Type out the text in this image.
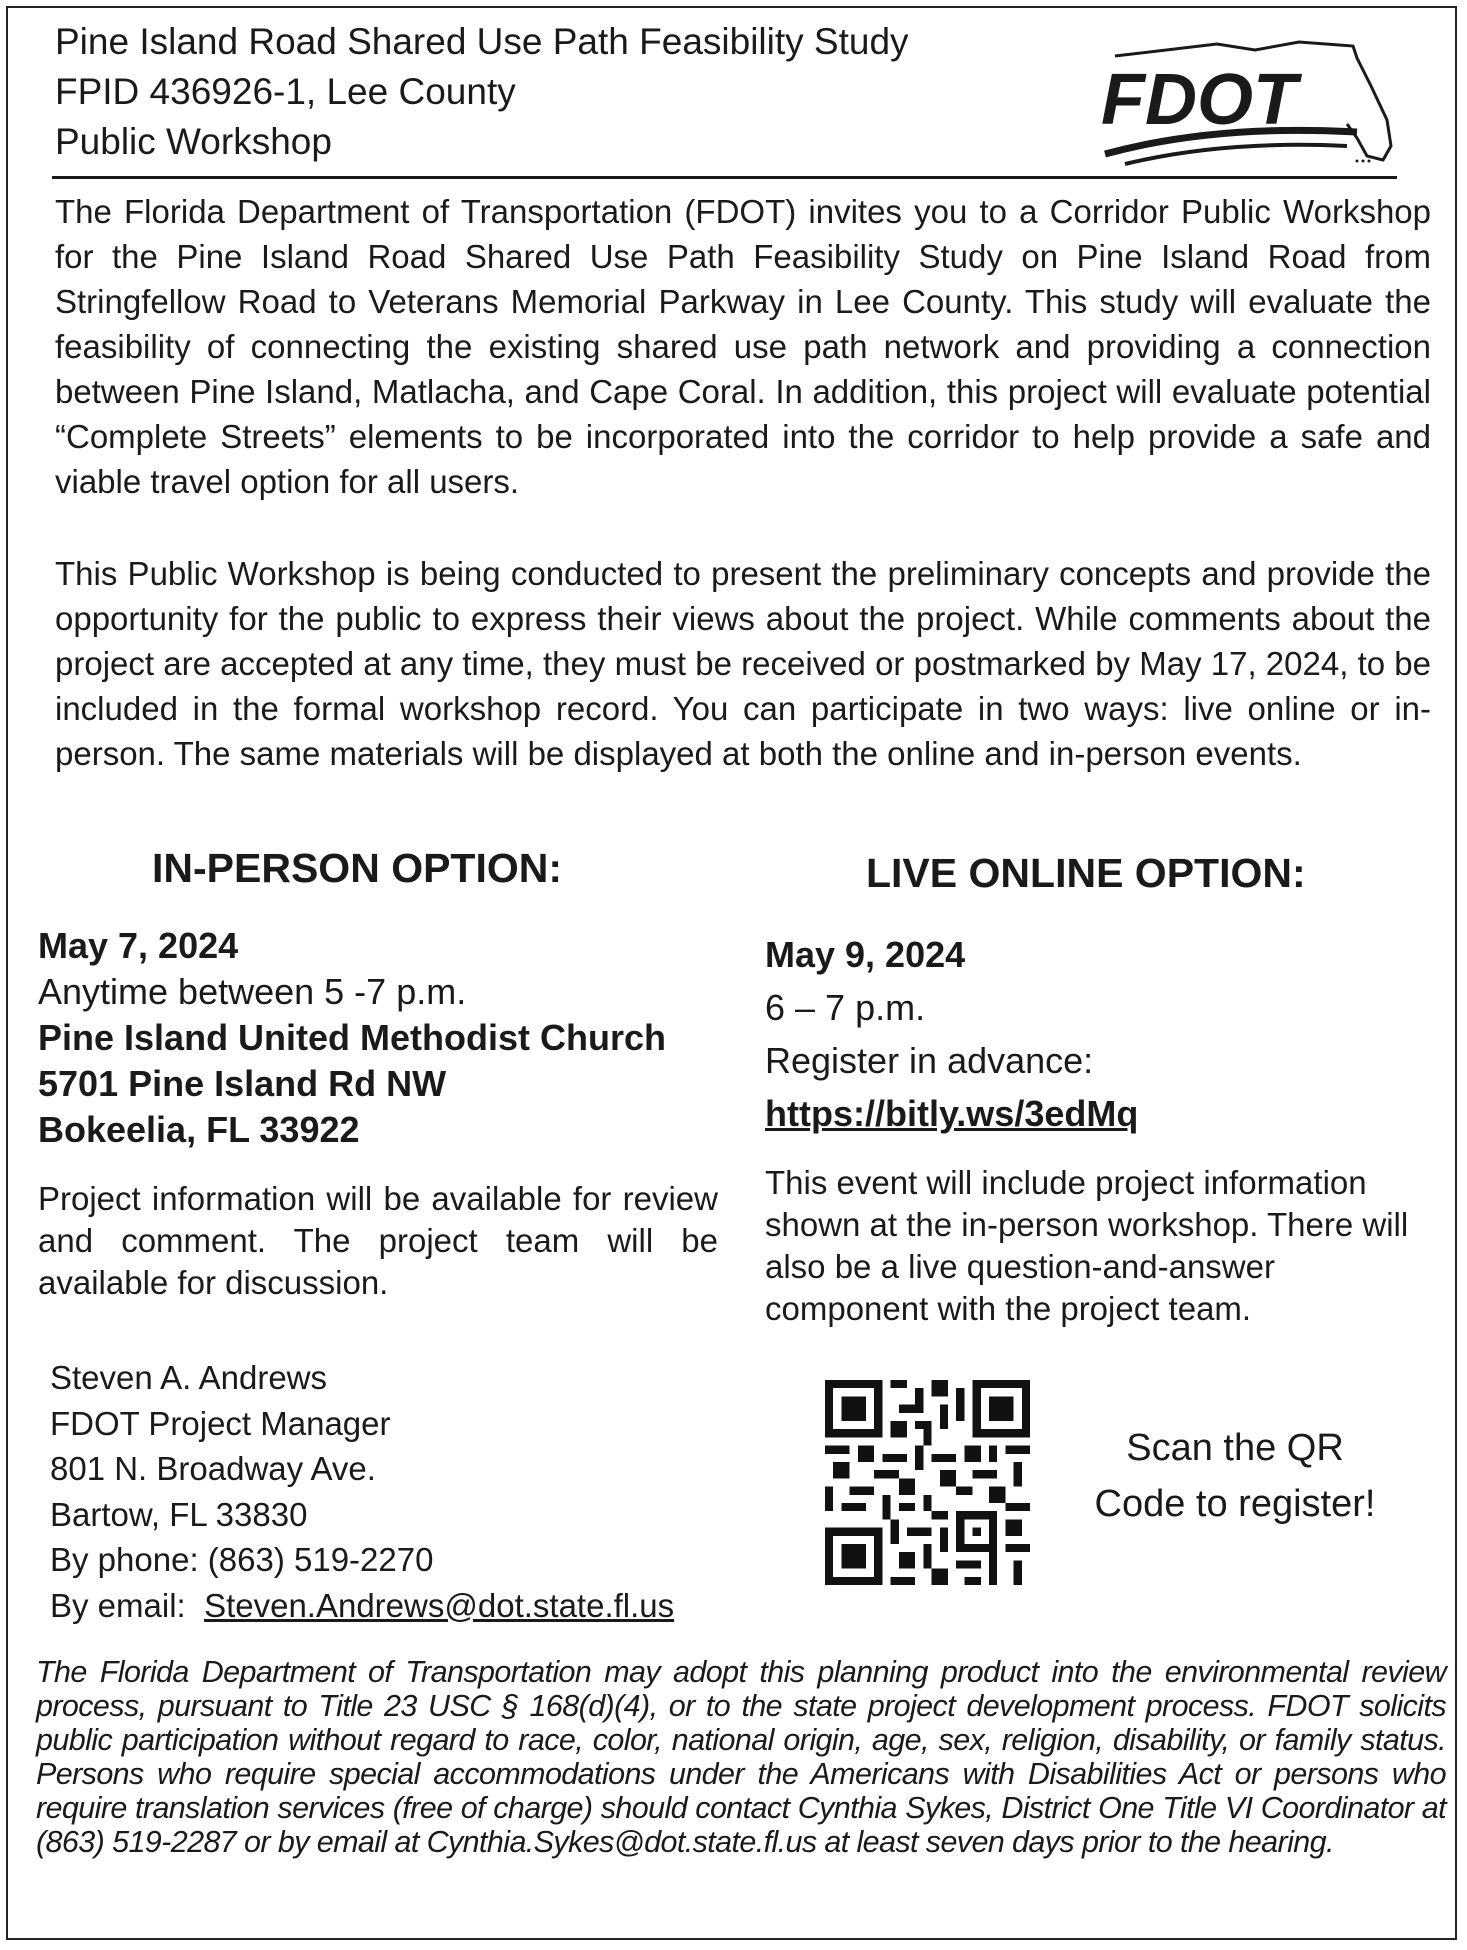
Pine Island Road Shared Use Path Feasibility Study
FPID 436926-1, Lee County
Public Workshop
FDOT
The Florida Department of Transportation (FDOT) invites you to a Corridor Public Workshop for the Pine Island Road Shared Use Path Feasibility Study on Pine Island Road from Stringfellow Road to Veterans Memorial Parkway in Lee County. This study will evaluate the feasibility of connecting the existing shared use path network and providing a connection between Pine Island, Matlacha, and Cape Coral. In addition, this project will evaluate potential “Complete Streets” elements to be incorporated into the corridor to help provide a safe and viable travel option for all users.
This Public Workshop is being conducted to present the preliminary concepts and provide the opportunity for the public to express their views about the project. While comments about the project are accepted at any time, they must be received or postmarked by May 17, 2024, to be included in the formal workshop record. You can participate in two ways: live online or in-person. The same materials will be displayed at both the online and in-person events.
IN-PERSON OPTION:
May 7, 2024
Anytime between 5 -7 p.m.
Pine Island United Methodist Church
5701 Pine Island Rd NW
Bokeelia, FL 33922
Project information will be available for review and comment. The project team will be available for discussion.
LIVE ONLINE OPTION:
May 9, 2024
6 – 7 p.m.
Register in advance:
https://bitly.ws/3edMq
This event will include project information shown at the in-person workshop. There will also be a live question-and-answer component with the project team.
Steven A. Andrews
FDOT Project Manager
801 N. Broadway Ave.
Bartow, FL 33830
By phone: (863) 519-2270
By email: Steven.Andrews@dot.state.fl.us
Scan the QR
Code to register!
The Florida Department of Transportation may adopt this planning product into the environmental review process, pursuant to Title 23 USC § 168(d)(4), or to the state project development process. FDOT solicits public participation without regard to race, color, national origin, age, sex, religion, disability, or family status. Persons who require special accommodations under the Americans with Disabilities Act or persons who require translation services (free of charge) should contact Cynthia Sykes, District One Title VI Coordinator at (863) 519-2287 or by email at Cynthia.Sykes@dot.state.fl.us at least seven days prior to the hearing.
